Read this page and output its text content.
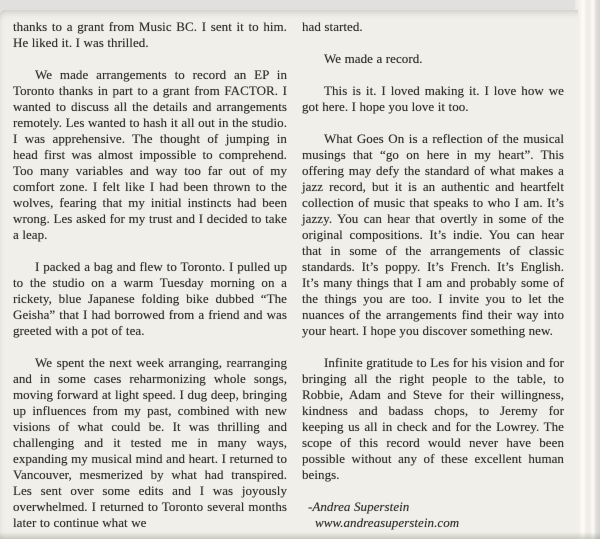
thanks to a grant from Music BC. I sent it to him. He liked it. I was thrilled.

We made arrangements to record an EP in Toronto thanks in part to a grant from FACTOR. I wanted to discuss all the details and arrangements remotely. Les wanted to hash it all out in the studio. I was apprehensive. The thought of jumping in head first was almost impossible to comprehend. Too many variables and way too far out of my comfort zone. I felt like I had been thrown to the wolves, fearing that my initial instincts had been wrong. Les asked for my trust and I decided to take a leap.

I packed a bag and flew to Toronto. I pulled up to the studio on a warm Tuesday morning on a rickety, blue Japanese folding bike dubbed “The Geisha” that I had borrowed from a friend and was greeted with a pot of tea.

We spent the next week arranging, rearranging and in some cases reharmonizing whole songs, moving forward at light speed. I dug deep, bringing up influences from my past, combined with new visions of what could be. It was thrilling and challenging and it tested me in many ways, expanding my musical mind and heart. I returned to Vancouver, mesmerized by what had transpired. Les sent over some edits and I was joyously overwhelmed. I returned to Toronto several months later to continue what we

had started.

We made a record.

This is it. I loved making it. I love how we got here. I hope you love it too.

What Goes On is a reflection of the musical musings that “go on here in my heart”. This offering may defy the standard of what makes a jazz record, but it is an authentic and heartfelt collection of music that speaks to who I am. It’s jazzy. You can hear that overtly in some of the original compositions. It’s indie. You can hear that in some of the arrangements of classic standards. It’s poppy. It’s French. It’s English. It’s many things that I am and probably some of the things you are too. I invite you to let the nuances of the arrangements find their way into your heart. I hope you discover something new.

Infinite gratitude to Les for his vision and for bringing all the right people to the table, to Robbie, Adam and Steve for their willingness, kindness and badass chops, to Jeremy for keeping us all in check and for the Lowrey. The scope of this record would never have been possible without any of these excellent human beings.

-Andrea Superstein

www.andreasuperstein.com
